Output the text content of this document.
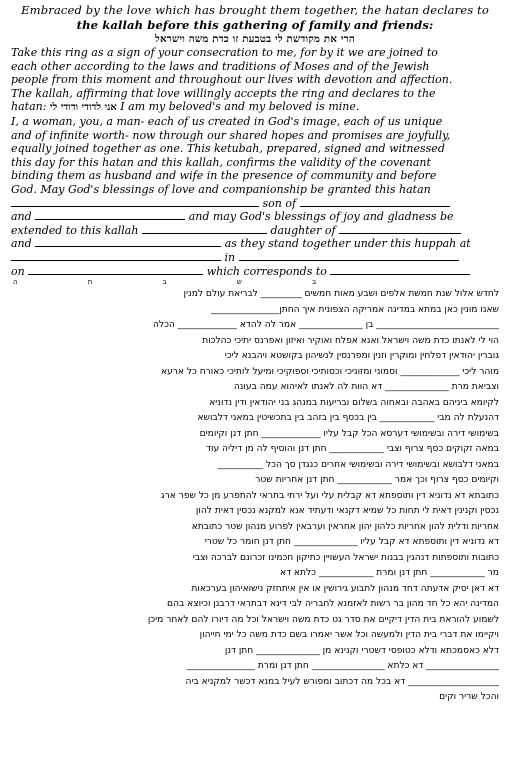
Embraced by the love which has brought them together, the hatan declares to
the kallah before this gathering of family and friends:
הרי את מקודשת לי בטבעת זו כדת משה וישראל
Take this ring as a sign of your consecration to me, for by it we are joined to
each other according to the laws and traditions of Moses and of the Jewish
people from this moment and throughout our lives with devotion and affection.
The kallah, affirming that love willingly accepts the ring and declares to the
hatan: אני לדודי ודודי לי I am my beloved's and my beloved is mine.
I, a woman, you, a man- each of us created in God's image, each of us unique
and of infinite worth- now through our shared hopes and promises are joyfully,
equally joined together as one. This ketubah, prepared, signed and witnessed
this day for this hatan and this kallah, confirms the validity of the covenant
binding them as husband and wife in the presence of community and before
God. May God's blessings of love and companionship be granted this hatan
son of
and	and may God's blessings of joy and gladness be
extended to this kallah	daughter of
and	as they stand together under this huppah at
in
on	which corresponds to
ב ש ב ת ה
לחדש אלול שנת חמשת אלפים ושבע מאות חמשים _________ לבריאת עולם למנין
שאנו מונין כאן במתא במדינה אמריקה הצפונית איך החתן_______________
___________________________ בן ______________ אמר לה להדא _____________ הכלה
הוי לי לאנתו כדת משה וישראל ואנא אפלח ואוקיר ואיזון ואפרנס יתיכי כהלכות
גוברין יהודאין דפלחין ומוקרין וזנין ומפרנסין לנשיהון בקושטא ויהבנא ליכי
מוהר ליכי _____________ וסמוני ומזוניכי וכסותיכי וספוקיכי ומיעל לותיכי כאורח כל ארעא
וצביאת מרת ______________ דא הוות לה לאנתו לאיהוא עמה בעונה
לקיומא ביניהם באהבה ובאחוה בשלום ובריעות במנהג בני יהודאין ודין נדוניא
דהנעלת לה מבי ____________ בין בכסף בין בזהב בין בתכשיטין במאני דלבושא
בשימושי דירה ובשימושי דערסא הכל קבל עליו _____________ חתן דנן וקיומים
במאה זקוקים כסף צרוף וצבי ____________ חתן דנן והוסיף לה מן דיליה עוד
במאני דלבושא ובשימושי דירה ובשימושי אחרים כנגדן סך הכל __________
וקיומים כסף צרוף וכך אמר ____________ חתן דנן אחריות שטר
כתובתא דא נדוניא דין ותוספתא דא קבלית עלי ועל ירתי בתראי להתפרע מן כל שפר ארג
נכסין וקנינין דאית לי תחות כל שמיא דקנאי ודעתיד אנא למקנא נכסין דאית להון
אחריות ודלית להון אחריות כלהון יהון אחראין וערבאין לפרוע מנהון שטר כתובתא
דא נדוניא דין ותוספתא דא קבל עליו ______________ חתן דנן חומר כל שטרי
כתובות ותוספתות דנהגין בבנות ישראל העשויין כתיקון חכמינו זכרונם לברכה וצבי
מר ____________ חתן דנן ומרת ____________ כלתא דא
דא דאן יסיק אדעתה דחד מנהון לתבוע גירושין או אין איתחזק נישואיהון בערכאות
המדינה יהא כל חד מהון בר רשות לאזמנא לחבריה לבי דינא דבתראי דרבנן וכיוצא בהם
לשמוע להוראת בית הדין דיקיים את סדר גט כדת משה וישראל וכל מה דיורו להם לאחר מיכן
ויקיימו את דברי בית הדין ולמעשה וכל אשר יאמרו בשם כדת משה כל ימי חייהון
דלא כאסמכתא ודלא כטופסי דשטרי וקנינא מן ______________ חתן דנן
________________ דא כלתא ________________ חתן דנן ומרת _______________
____________________ דא בכל מה דכתוב ומפורש לעיל במנא דכשר למקניא ביה
והכל שריר וקים
